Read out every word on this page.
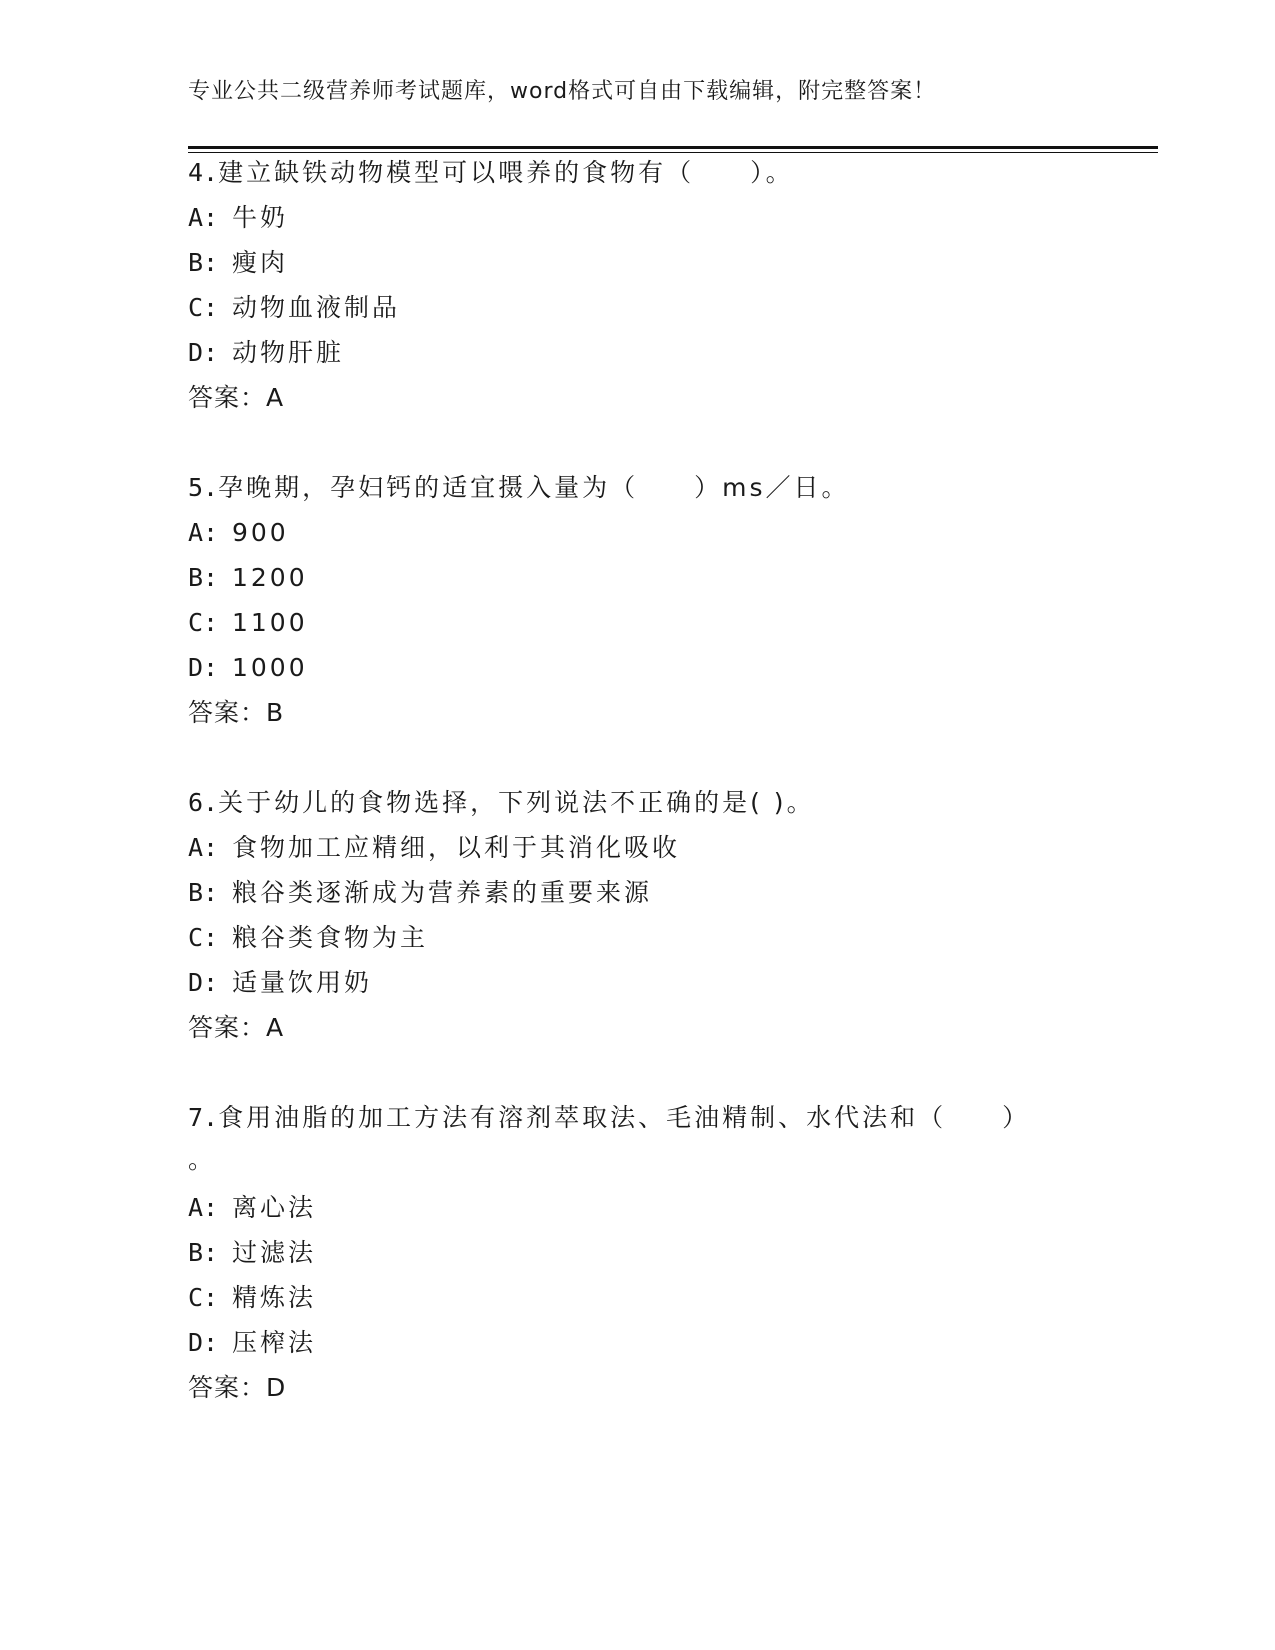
专业公共二级营养师考试题库，word格式可自由下载编辑，附完整答案！
4.建立缺铁动物模型可以喂养的食物有（　　）。
A: 牛奶
B: 瘦肉
C: 动物血液制品
D: 动物肝脏
答案：A
5.孕晚期，孕妇钙的适宜摄入量为（　　）ms／日。
A: 900
B: 1200
C: 1100
D: 1000
答案：B
6.关于幼儿的食物选择，下列说法不正确的是( )。
A: 食物加工应精细，以利于其消化吸收
B: 粮谷类逐渐成为营养素的重要来源
C: 粮谷类食物为主
D: 适量饮用奶
答案：A
7.食用油脂的加工方法有溶剂萃取法、毛油精制、水代法和（　　）
。
A: 离心法
B: 过滤法
C: 精炼法
D: 压榨法
答案：D
